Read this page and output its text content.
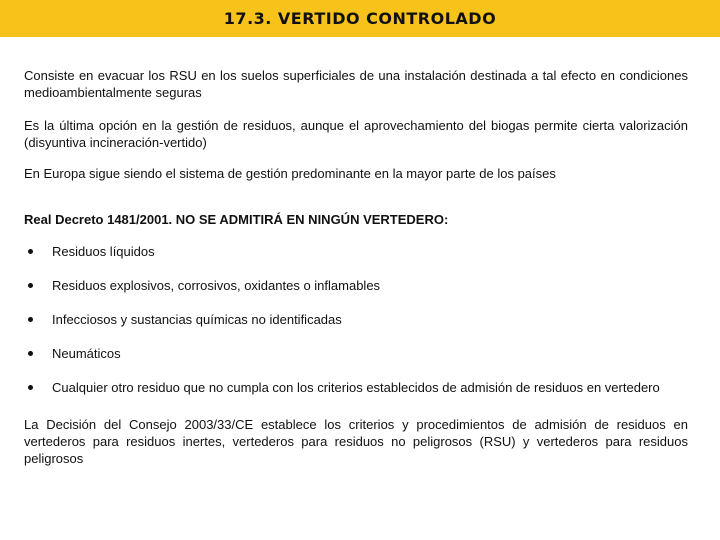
17.3. VERTIDO CONTROLADO

Consiste en evacuar los RSU en los suelos superficiales de una instalación destinada a tal efecto en condiciones medioambientalmente seguras

Es la última opción en la gestión de residuos, aunque el aprovechamiento del biogas permite cierta valorización (disyuntiva incineración-vertido)

En Europa sigue siendo el sistema de gestión predominante en la mayor parte de los países

Real Decreto 1481/2001. NO SE ADMITIRÁ EN NINGÚN VERTEDERO:

Residuos líquidos
Residuos explosivos, corrosivos, oxidantes o inflamables
Infecciosos y sustancias químicas no identificadas
Neumáticos
Cualquier otro residuo que no cumpla con los criterios establecidos de admisión de residuos en vertedero

La Decisión del Consejo 2003/33/CE establece los criterios y procedimientos de admisión de residuos en vertederos para residuos inertes, vertederos para residuos no peligrosos (RSU) y vertederos para residuos peligrosos
